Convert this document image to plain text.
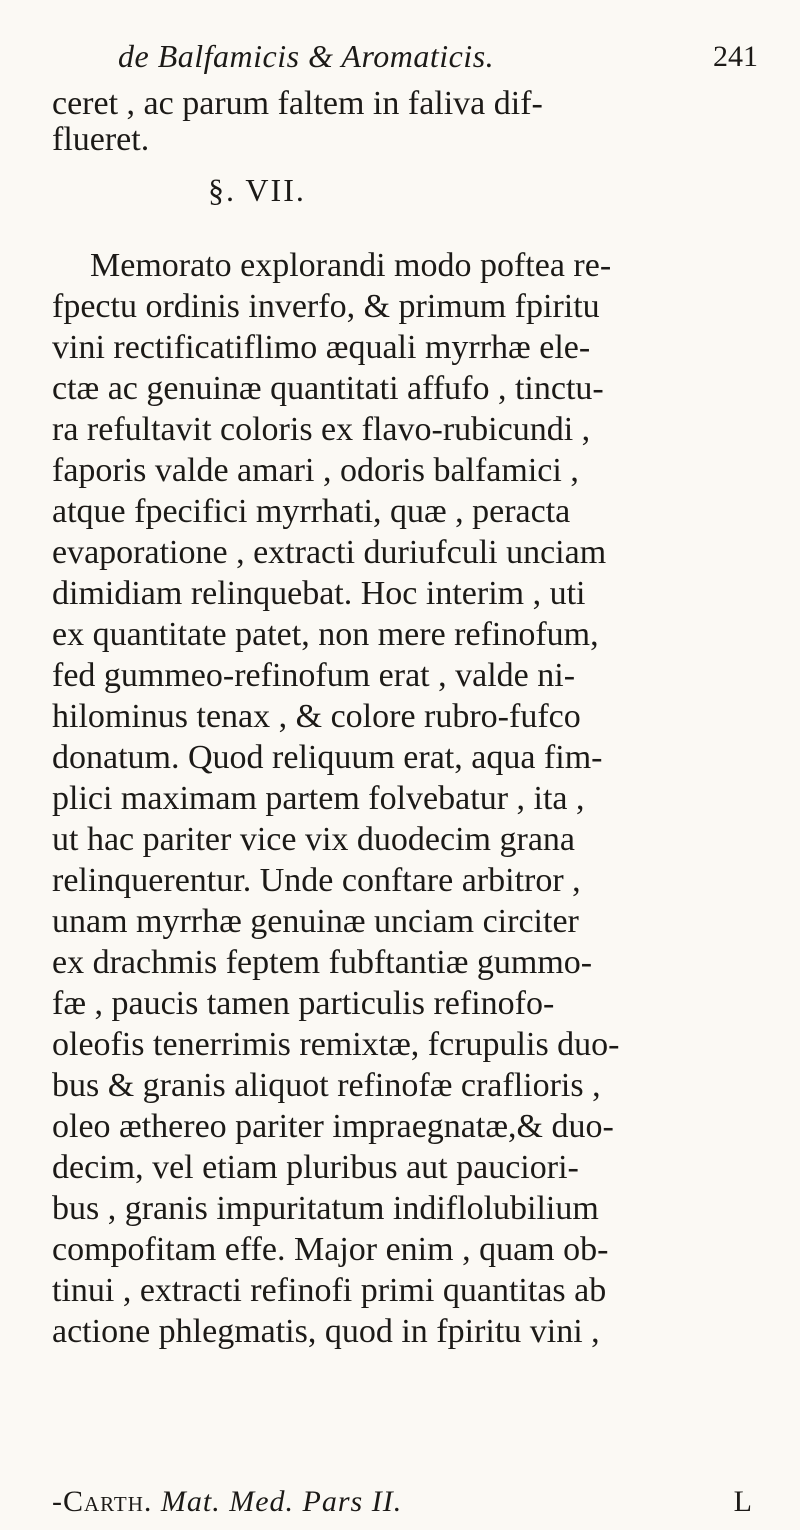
de Balfamicis & Aromaticis.	241
ceret , ac parum faltem in faliva dif-
flueret.
§. VII.
Memorato explorandi modo poftea re-
fpectu ordinis inverfo, & primum fpiritu
vini rectificatiflimo æquali myrrhæ ele-
ctæ ac genuinæ quantitati affufo , tinctu-
ra refultavit coloris ex flavo-rubicundi ,
faporis valde amari , odoris balfamici ,
atque fpecifici myrrhati, quæ , peracta
evaporatione , extracti duriufculi unciam
dimidiam relinquebat. Hoc interim , uti
ex quantitate patet, non mere refinofum,
fed gummeo-refinofum erat , valde ni-
hilominus tenax , & colore rubro-fufco
donatum. Quod reliquum erat, aqua fim-
plici maximam partem folvebatur , ita ,
ut hac pariter vice vix duodecim grana
relinquerentur. Unde conftare arbitror ,
unam myrrhæ genuinæ unciam circiter
ex drachmis feptem fubftantiæ gummo-
fæ , paucis tamen particulis refinofo-
oleofis tenerrimis remixtæ, fcrupulis duo-
bus & granis aliquot refinofæ craflioris ,
oleo æthereo pariter impraegnatæ,& duo-
decim, vel etiam pluribus aut pauciori-
bus , granis impuritatum indiflolubilium
compofitam effe. Major enim , quam ob-
tinui , extracti refinofi primi quantitas ab
actione phlegmatis, quod in fpiritu vini ,
-Carth. Mat. Med. Pars II.	L
